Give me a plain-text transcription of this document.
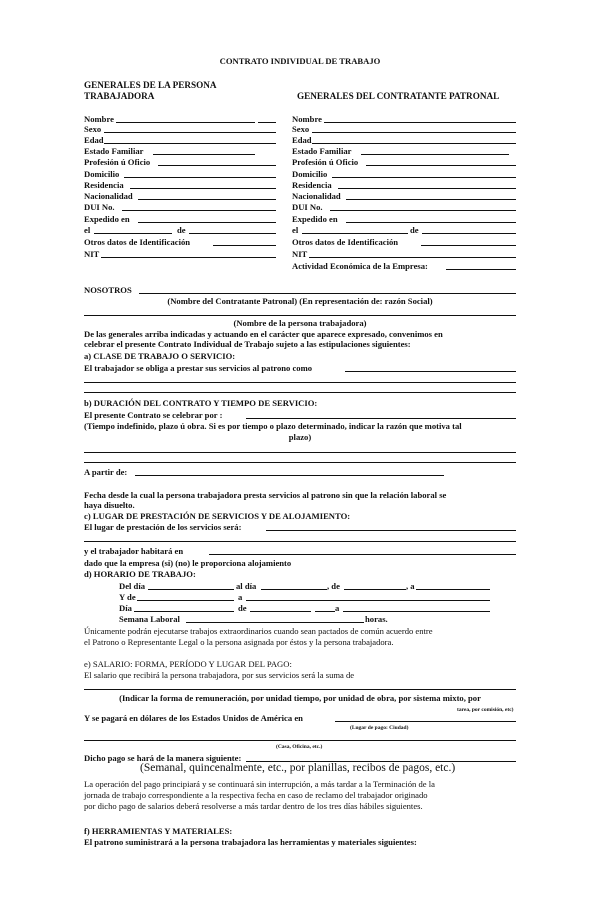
CONTRATO INDIVIDUAL DE TRABAJO
GENERALES DE LA PERSONA
TRABAJADORA	GENERALES DEL CONTRATANTE PATRONAL
Nombre
Sexo
Edad
Estado Familiar
Profesión ú Oficio
Domicilio
Residencia
Nacionalidad
DUI No.
Expedido en
el	de
Otros datos de Identificación
NIT
Nombre
Sexo
Edad
Estado Familiar
Profesión ú Oficio
Domicilio
Residencia
Nacionalidad
DUI No.
Expedido en
el	de
Otros datos de Identificación
NIT
Actividad Económica de la Empresa:
NOSOTROS
(Nombre del Contratante Patronal) (En representación de: razón Social)
(Nombre de la persona trabajadora)
De las generales arriba indicadas y actuando en el carácter que aparece expresado, convenimos en
celebrar el presente Contrato Individual de Trabajo sujeto a las estipulaciones siguientes:
a) CLASE DE TRABAJO O SERVICIO:
El trabajador se obliga a prestar sus servicios al patrono como
b) DURACIÓN DEL CONTRATO Y TIEMPO DE SERVICIO:
El presente Contrato se celebrar por :
(Tiempo indefinido, plazo ú obra. Si es por tiempo o plazo determinado, indicar la razón que motiva tal
plazo)
A partir de:
Fecha desde la cual la persona trabajadora presta servicios al patrono sin que la relación laboral se
haya disuelto.
c) LUGAR DE PRESTACIÓN DE SERVICIOS Y DE ALOJAMIENTO:
El lugar de prestación de los servicios será:
y el trabajador habitará en
dado que la empresa (si) (no) le proporciona alojamiento
d) HORARIO DE TRABAJO:
Del día	al día	, de	, a
Y de	a
Día	de	a
Semana Laboral	horas.
Únicamente podrán ejecutarse trabajos extraordinarios cuando sean pactados de común acuerdo entre
el Patrono o Representante Legal o la persona asignada por éstos y la persona trabajadora.
e) SALARIO: FORMA, PERÍODO Y LUGAR DEL PAGO:
El salario que recibirá la persona trabajadora, por sus servicios será la suma de
(Indicar la forma de remuneración, por unidad tiempo, por unidad de obra, por sistema mixto, por
tarea, por comisión, etc)
Y se pagará en dólares de los Estados Unidos de América en
(Lugar de pago: Ciudad)
(Casa, Oficina, etc.)
Dicho pago se hará de la manera siguiente:
(Semanal, quincenalmente, etc., por planillas, recibos de pagos, etc.)
La operación del pago principiará y se continuará sin interrupción, a más tardar a la Terminación de la
jornada de trabajo correspondiente a la respectiva fecha en caso de reclamo del trabajador originado
por dicho pago de salarios deberá resolverse a más tardar dentro de los tres días hábiles siguientes.
f) HERRAMIENTAS Y MATERIALES:
El patrono suministrará a la persona trabajadora las herramientas y materiales siguientes:
